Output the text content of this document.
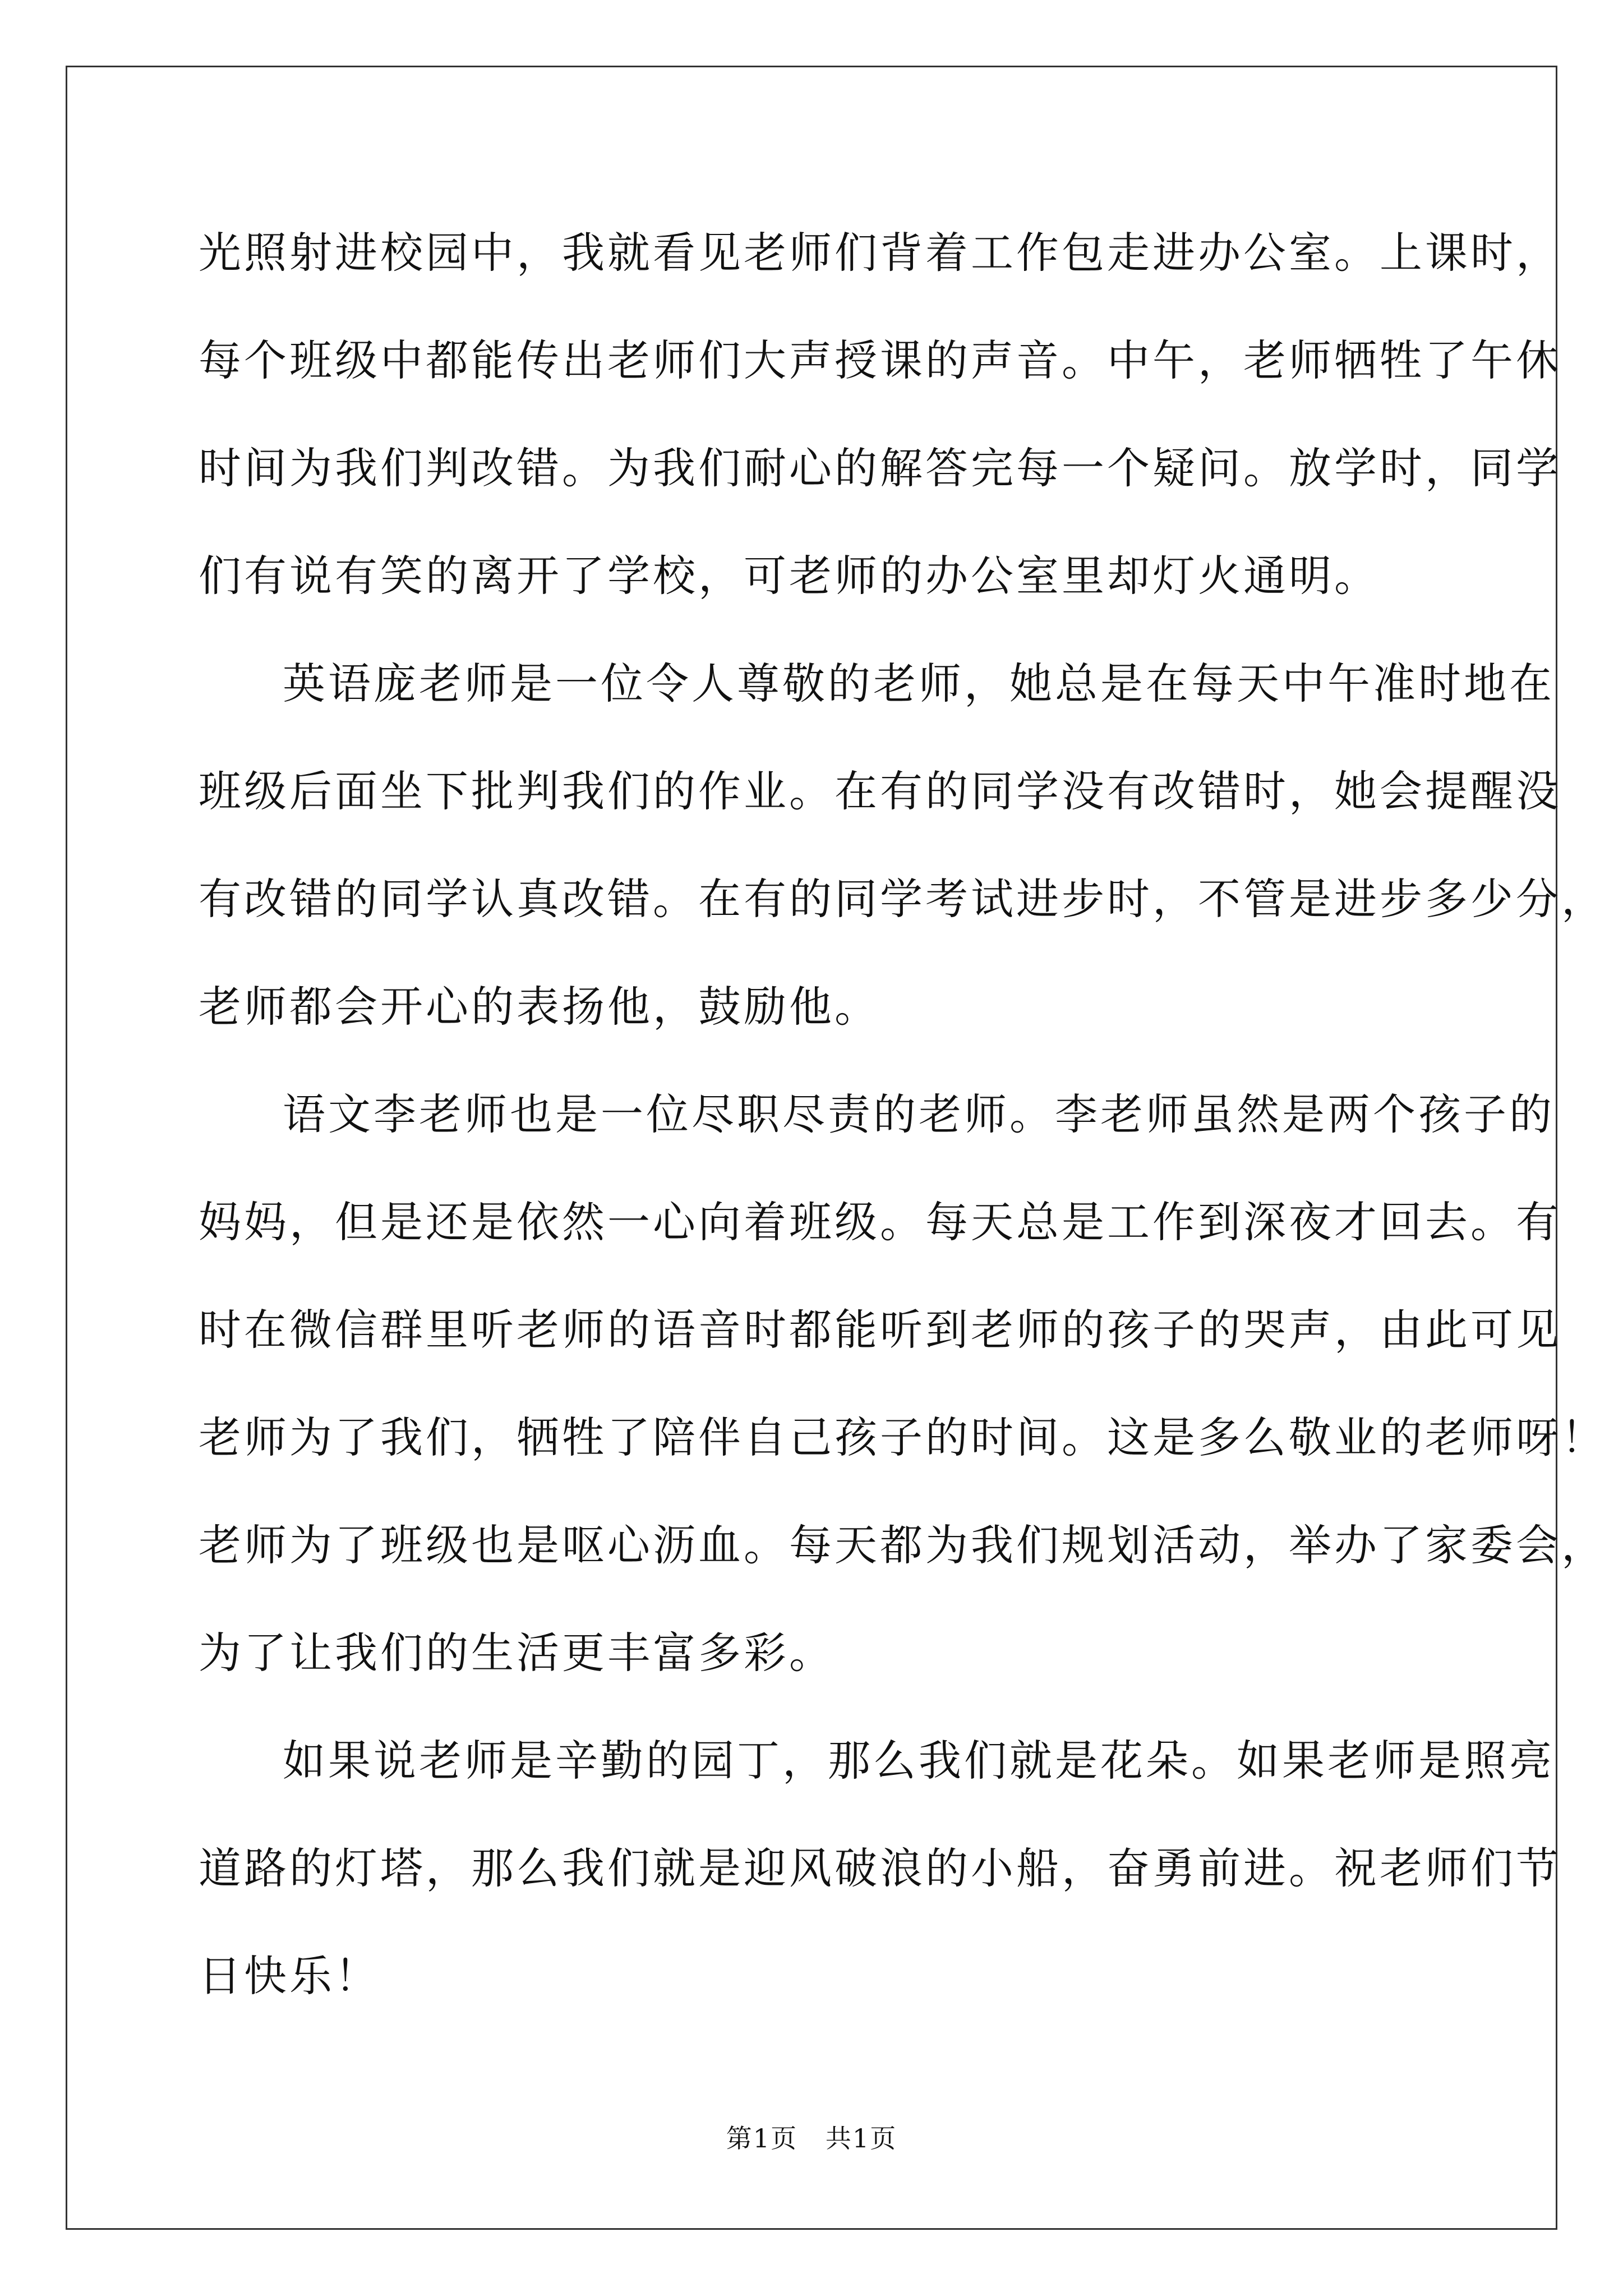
光照射进校园中，我就看见老师们背着工作包走进办公室。上课时，
每个班级中都能传出老师们大声授课的声音。中午，老师牺牲了午休
时间为我们判改错。为我们耐心的解答完每一个疑问。放学时，同学
们有说有笑的离开了学校，可老师的办公室里却灯火通明。
英语庞老师是一位令人尊敬的老师，她总是在每天中午准时地在
班级后面坐下批判我们的作业。在有的同学没有改错时，她会提醒没
有改错的同学认真改错。在有的同学考试进步时，不管是进步多少分，
老师都会开心的表扬他，鼓励他。
语文李老师也是一位尽职尽责的老师。李老师虽然是两个孩子的
妈妈，但是还是依然一心向着班级。每天总是工作到深夜才回去。有
时在微信群里听老师的语音时都能听到老师的孩子的哭声，由此可见
老师为了我们，牺牲了陪伴自己孩子的时间。这是多么敬业的老师呀！
老师为了班级也是呕心沥血。每天都为我们规划活动，举办了家委会，
为了让我们的生活更丰富多彩。
如果说老师是辛勤的园丁，那么我们就是花朵。如果老师是照亮
道路的灯塔，那么我们就是迎风破浪的小船，奋勇前进。祝老师们节
日快乐！
第1页   共1页
